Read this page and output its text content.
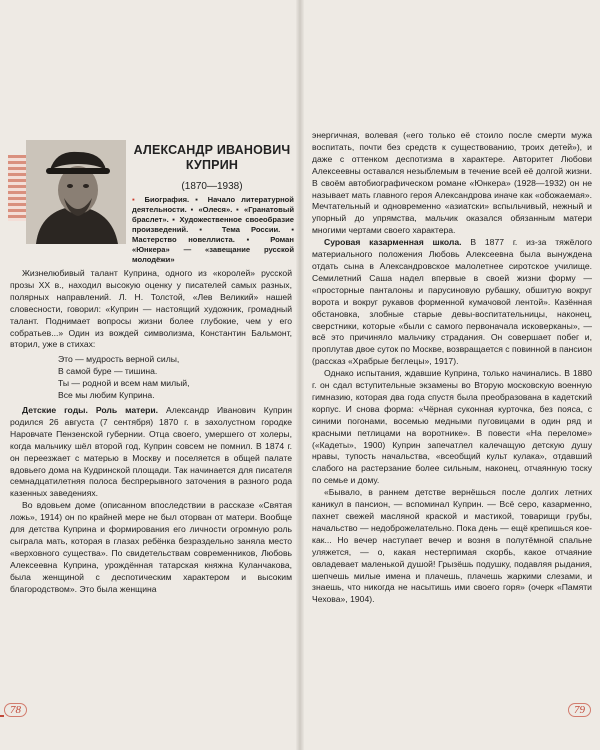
АЛЕКСАНДР ИВАНОВИЧ
КУПРИН
(1870—1938)
▪ Биография. ▪ Начало литературной деятельности. ▪ «Олеся». ▪ «Гранатовый браслет». ▪ Художественное своеобразие произведений. ▪ Тема России. ▪ Мастерство новеллиста. ▪ Роман «Юнкера» — «завещание русской молодёжи»

Жизнелюбивый талант Куприна, одного из «королей» русской прозы XX в., находил высокую оценку у писателей самых разных, полярных направлений. Л. Н. Толстой, «Лев Великий» нашей словесности, говорил: «Куприн — настоящий художник, громадный талант. Поднимает вопросы жизни более глубокие, чем у его собратьев...» Один из вождей символизма, Константин Бальмонт, вторил, уже в стихах:

Это — мудрость верной силы,
В самой буре — тишина.
Ты — родной и всем нам милый,
Все мы любим Куприна.

Детские годы. Роль матери. Александр Иванович Куприн родился 26 августа (7 сентября) 1870 г. в захолустном городке Наровчате Пензенской губернии. Отца своего, умершего от холеры, когда мальчику шёл второй год, Куприн совсем не помнил. В 1874 г. он переезжает с матерью в Москву и поселяется в общей палате вдовьего дома на Кудринской площади. Так начинается для писателя семнадцатилетняя полоса беспрерывного заточения в разного рода казенных заведениях.

Во вдовьем доме (описанном впоследствии в рассказе «Святая ложь», 1914) он по крайней мере не был оторван от матери. Вообще для детства Куприна и формирования его личности огромную роль сыграла мать, которая в глазах ребёнка безраздельно заняла место «верховного существа». По свидетельствам современников, Любовь Алексеевна Куприна, урождённая татарская княжна Куланчакова, была женщиной с деспотическим характером и высоким благородством». Это была женщина

энергичная, волевая («его только её стоило после смерти мужа воспитать, почти без средств к существованию, троих детей»), и даже с оттенком деспотизма в характере. Авторитет Любови Алексеевны оставался незыблемым в течение всей её долгой жизни. В своём автобиографическом романе «Юнкера» (1928—1932) он не называет мать главного героя Александрова иначе как «обожаемая». Мечтательный и одновременно «азиатски» вспыльчивый, нежный и упорный до упрямства, мальчик оказался обязанным матери многими чертами своего характера.

Суровая казарменная школа. В 1877 г. из-за тяжёлого материального положения Любовь Алексеевна была вынуждена отдать сына в Александровское малолетнее сиротское училище. Семилетний Саша надел впервые в своей жизни форму — «просторные панталоны и парусиновую рубашку, обшитую вокруг ворота и вокруг рукавов форменной кумачовой лентой». Казённая обстановка, злобные старые девы-воспитательницы, наконец, сверстники, которые «были с самого первоначала исковерканы», — всё это причиняло мальчику страдания. Он совершает побег и, проплутав двое суток по Москве, возвращается с повинной в пансион (рассказ «Храбрые беглецы», 1917).

Однако испытания, ждавшие Куприна, только начинались. В 1880 г. он сдал вступительные экзамены во Вторую московскую военную гимназию, которая два года спустя была преобразована в кадетский корпус. И снова форма: «Чёрная суконная курточка, без пояса, с синими погонами, восемью медными пуговицами в один ряд и красными петлицами на воротнике». В повести «На переломе» («Кадеты», 1900) Куприн запечатлел калечащую детскую душу нравы, тупость начальства, «всеобщий культ кулака», отдавший слабого на растерзание более сильным, наконец, отчаянную тоску по семье и дому.

«Бывало, в раннем детстве вернёшься после долгих летних каникул в пансион, — вспоминал Куприн. — Всё серо, казарменно, пахнет свежей масляной краской и мастикой, товарищи грубы, начальство — недоброжелательно. Пока день — ещё крепишься кое-как... Но вечер наступает вечер и возня в полутёмной спальне уляжется, — о, какая нестерпимая скорбь, какое отчаяние овладевает маленькой душой! Грызёшь подушку, подавляя рыдания, шепчешь милые имена и плачешь, плачешь жаркими слезами, и знаешь, что никогда не насытишь ими своего горя» (очерк «Памяти Чехова», 1904).

78	79
